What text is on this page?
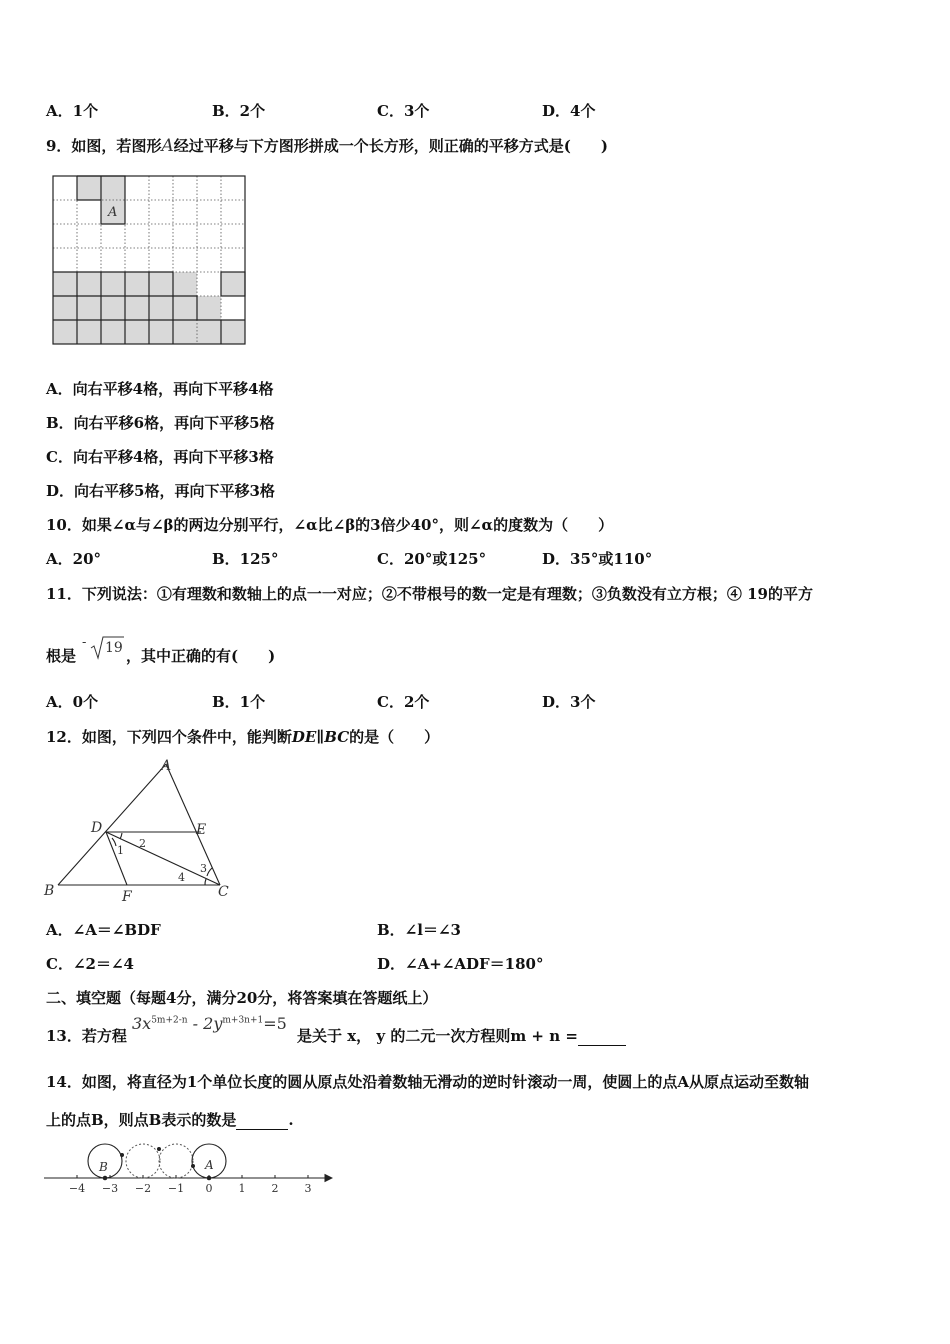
A．1个	B．2个	C．3个	D．4个
9．如图，若图形A经过平移与下方图形拼成一个长方形，则正确的平移方式是(　　)
A
A．向右平移4格，再向下平移4格
B．向右平移6格，再向下平移5格
C．向右平移4格，再向下平移3格
D．向右平移5格，再向下平移3格
10．如果∠α与∠β的两边分别平行，∠α比∠β的3倍少40°，则∠α的度数为（　　）
A．20°	B．125°	C．20°或125°	D．35°或110°
11．下列说法：①有理数和数轴上的点一一对应；②不带根号的数一定是有理数；③负数没有立方根；④ 19的平方
根是
- 19 ，其中正确的有(　　)
A．0个	B．1个	C．2个	D．3个
12．如图，下列四个条件中，能判断DE∥BC的是（　　）
A
D	E
B	F	C
1
2
3
4
A．∠A＝∠BDF	B．∠l＝∠3
C．∠2＝∠4	D．∠A+∠ADF＝180°
二、填空题（每题4分，满分20分，将答案填在答题纸上）
13．若方程
$3x^{5m+2-n} - 2y^{m+3n+1}=5$
是关于 x， y 的二元一次方程则m + n =
14．如图，将直径为1个单位长度的圆从原点处沿着数轴无滑动的逆时针滚动一周，使圆上的点A从原点运动至数轴
上的点B，则点B表示的数是	.
A
B
−4 −3 −2 −1 0 1 2 3
